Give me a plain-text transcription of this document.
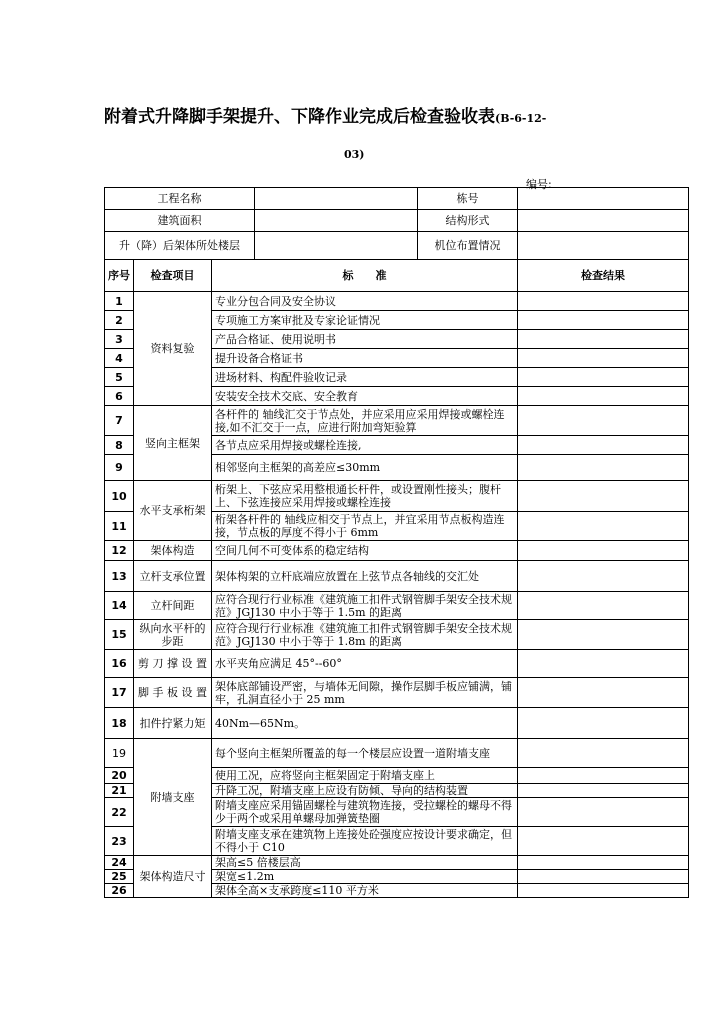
附着式升降脚手架提升、下降作业完成后检查验收表(B-6-12-
03)
编号:
工程名称				栋号	
建筑面积				结构形式	
升（降）后架体所处楼层				机位布置情况	
序号	检查项目	标　　准			检查结果
1	资料复验	专业分包合同及安全协议			
2		专项施工方案审批及专家论证情况			
3		产品合格证、使用说明书			
4		提升设备合格证书			
5		进场材料、构配件验收记录			
6		安装安全技术交底、安全教育			
7	竖向主框架	各杆件的 轴线汇交于节点处，并应采用应采用焊接或螺栓连接,如不汇交于一点，应进行附加弯矩验算			
8		各节点应采用焊接或螺栓连接,			
9		相邻竖向主框架的高差应≤30mm			
10	水平支承桁架	桁架上、下弦应采用整根通长杆件，或设置刚性接头；腹杆上、下弦连接应采用焊接或螺栓连接			
11		桁架各杆件的 轴线应相交于节点上，并宜采用节点板构造连接，节点板的厚度不得小于 6mm			
12	架体构造	空间几何不可变体系的稳定结构			
13	立杆支承位置	架体构架的立杆底端应放置在上弦节点各轴线的交汇处			
14	立杆间距	应符合现行行业标准《建筑施工扣件式钢管脚手架安全技术规范》JGJ130 中小于等于 1.5m 的距离			
15	纵向水平杆的步距	应符合现行行业标准《建筑施工扣件式钢管脚手架安全技术规范》JGJ130 中小于等于 1.8m 的距离			
16	剪 刀 撑 设 置	水平夹角应满足 45°--60°			
17	脚 手 板 设 置	架体底部铺设严密，与墙体无间隙，操作层脚手板应铺满，铺牢，孔洞直径小于 25 mm			
18	扣件拧紧力矩	40Nm—65Nm。			
19	附墙支座	每个竖向主框架所覆盖的每一个楼层应设置一道附墙支座			
20		使用工况，应将竖向主框架固定于附墙支座上			
21		升降工况，附墙支座上应设有防倾、导向的结构装置			
22		附墙支座应采用锚固螺栓与建筑物连接，受拉螺栓的螺母不得少于两个或采用单螺母加弹簧垫圈			
23		附墙支座支承在建筑物上连接处砼强度应按设计要求确定，但不得小于 C10			
24	架体构造尺寸	架高≤5 倍楼层高			
25		架宽≤1.2m			
26		架体全高×支承跨度≤110 平方米			
